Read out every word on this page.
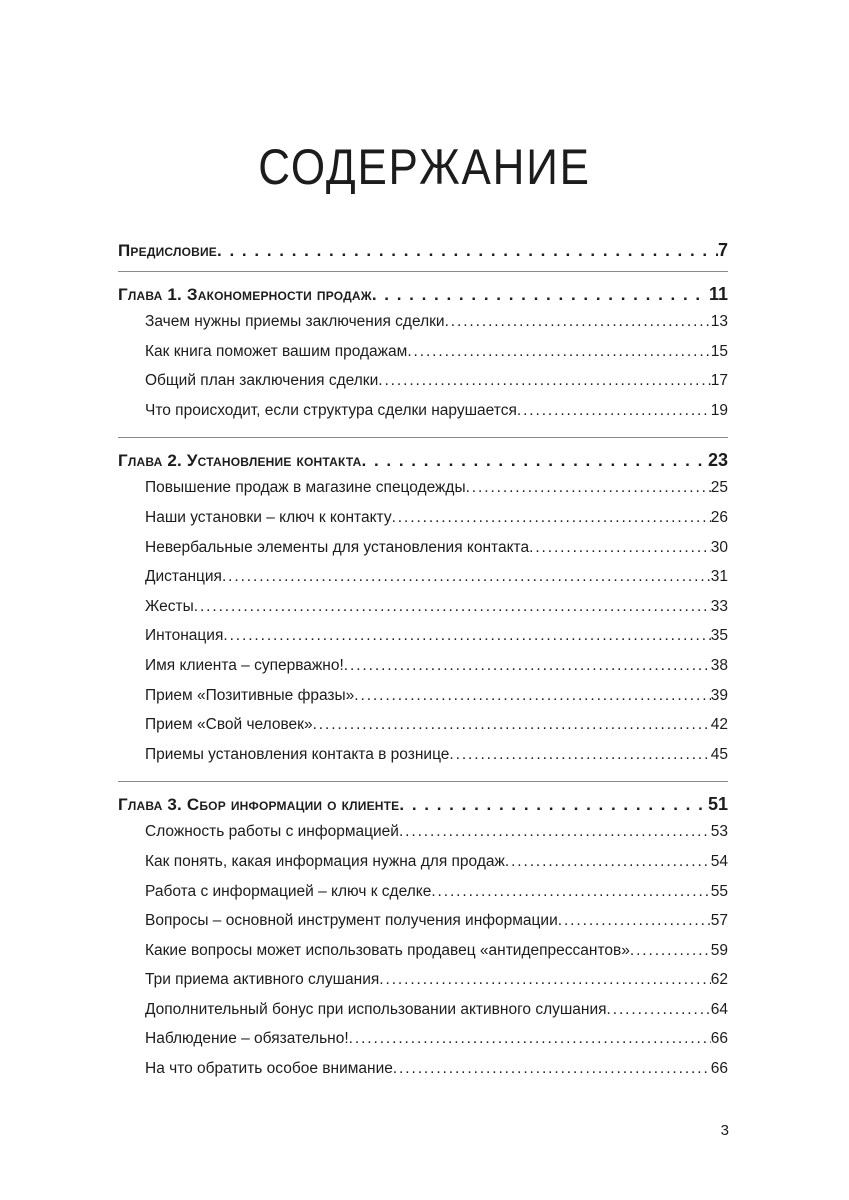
СОДЕРЖАНИЕ
Предисловие . . .	7
Глава 1. Закономерности продаж . . .	11
Зачем нужны приемы заключения сделки . . .	13
Как книга поможет вашим продажам . . .	15
Общий план заключения сделки . . .	17
Что происходит, если структура сделки нарушается . . .	19
Глава 2. Установление контакта . . .	23
Повышение продаж в магазине спецодежды . . .	25
Наши установки – ключ к контакту . . .	26
Невербальные элементы для установления контакта . . .	30
Дистанция . . .	31
Жесты . . .	33
Интонация . . .	35
Имя клиента – суперважно! . . .	38
Прием «Позитивные фразы» . . .	39
Прием «Свой человек» . . .	42
Приемы установления контакта в рознице . . .	45
Глава 3. Сбор информации о клиенте . . .	51
Сложность работы с информацией . . .	53
Как понять, какая информация нужна для продаж . . .	54
Работа с информацией – ключ к сделке . . .	55
Вопросы – основной инструмент получения информации . . .	57
Какие вопросы может использовать продавец «антидепрессантов» . . .	59
Три приема активного слушания . . .	62
Дополнительный бонус при использовании активного слушания . . .	64
Наблюдение – обязательно! . . .	66
На что обратить особое внимание . . .	66
3
